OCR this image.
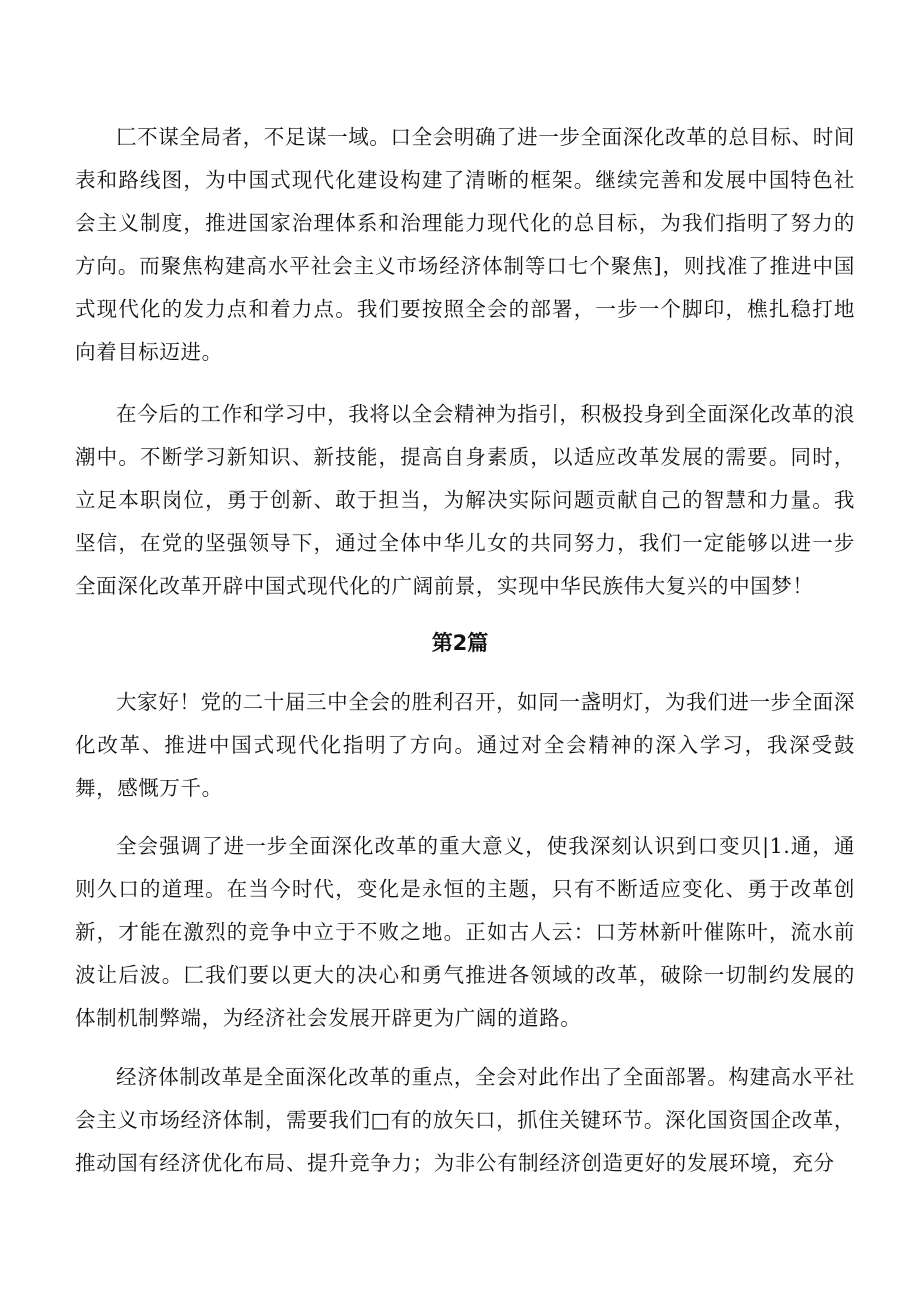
匚不谋全局者，不足谋一域。口全会明确了进一步全面深化改革的总目标、时间表和路线图，为中国式现代化建设构建了清晰的框架。继续完善和发展中国特色社会主义制度，推进国家治理体系和治理能力现代化的总目标，为我们指明了努力的方向。而聚焦构建高水平社会主义市场经济体制等口七个聚焦]，则找准了推进中国式现代化的发力点和着力点。我们要按照全会的部署，一步一个脚印，樵扎稳打地向着目标迈进。

在今后的工作和学习中，我将以全会精神为指引，积极投身到全面深化改革的浪潮中。不断学习新知识、新技能，提高自身素质，以适应改革发展的需要。同时，立足本职岗位，勇于创新、敢于担当，为解决实际问题贡献自己的智慧和力量。我坚信，在党的坚强领导下，通过全体中华儿女的共同努力，我们一定能够以进一步全面深化改革开辟中国式现代化的广阔前景，实现中华民族伟大复兴的中国梦！

第2篇

大家好！党的二十届三中全会的胜利召开，如同一盏明灯，为我们进一步全面深化改革、推进中国式现代化指明了方向。通过对全会精神的深入学习，我深受鼓舞，感慨万千。

全会强调了进一步全面深化改革的重大意义，使我深刻认识到口变贝|1.通，通则久口的道理。在当今时代，变化是永恒的主题，只有不断适应变化、勇于改革创新，才能在激烈的竞争中立于不败之地。正如古人云：口芳林新叶催陈叶，流水前波让后波。匚我们要以更大的决心和勇气推进各领域的改革，破除一切制约发展的体制机制弊端，为经济社会发展开辟更为广阔的道路。

经济体制改革是全面深化改革的重点，全会对此作出了全面部署。构建高水平社会主义市场经济体制，需要我们□有的放矢口，抓住关键环节。深化国资国企改革，推动国有经济优化布局、提升竞争力；为非公有制经济创造更好的发展环境，充分
